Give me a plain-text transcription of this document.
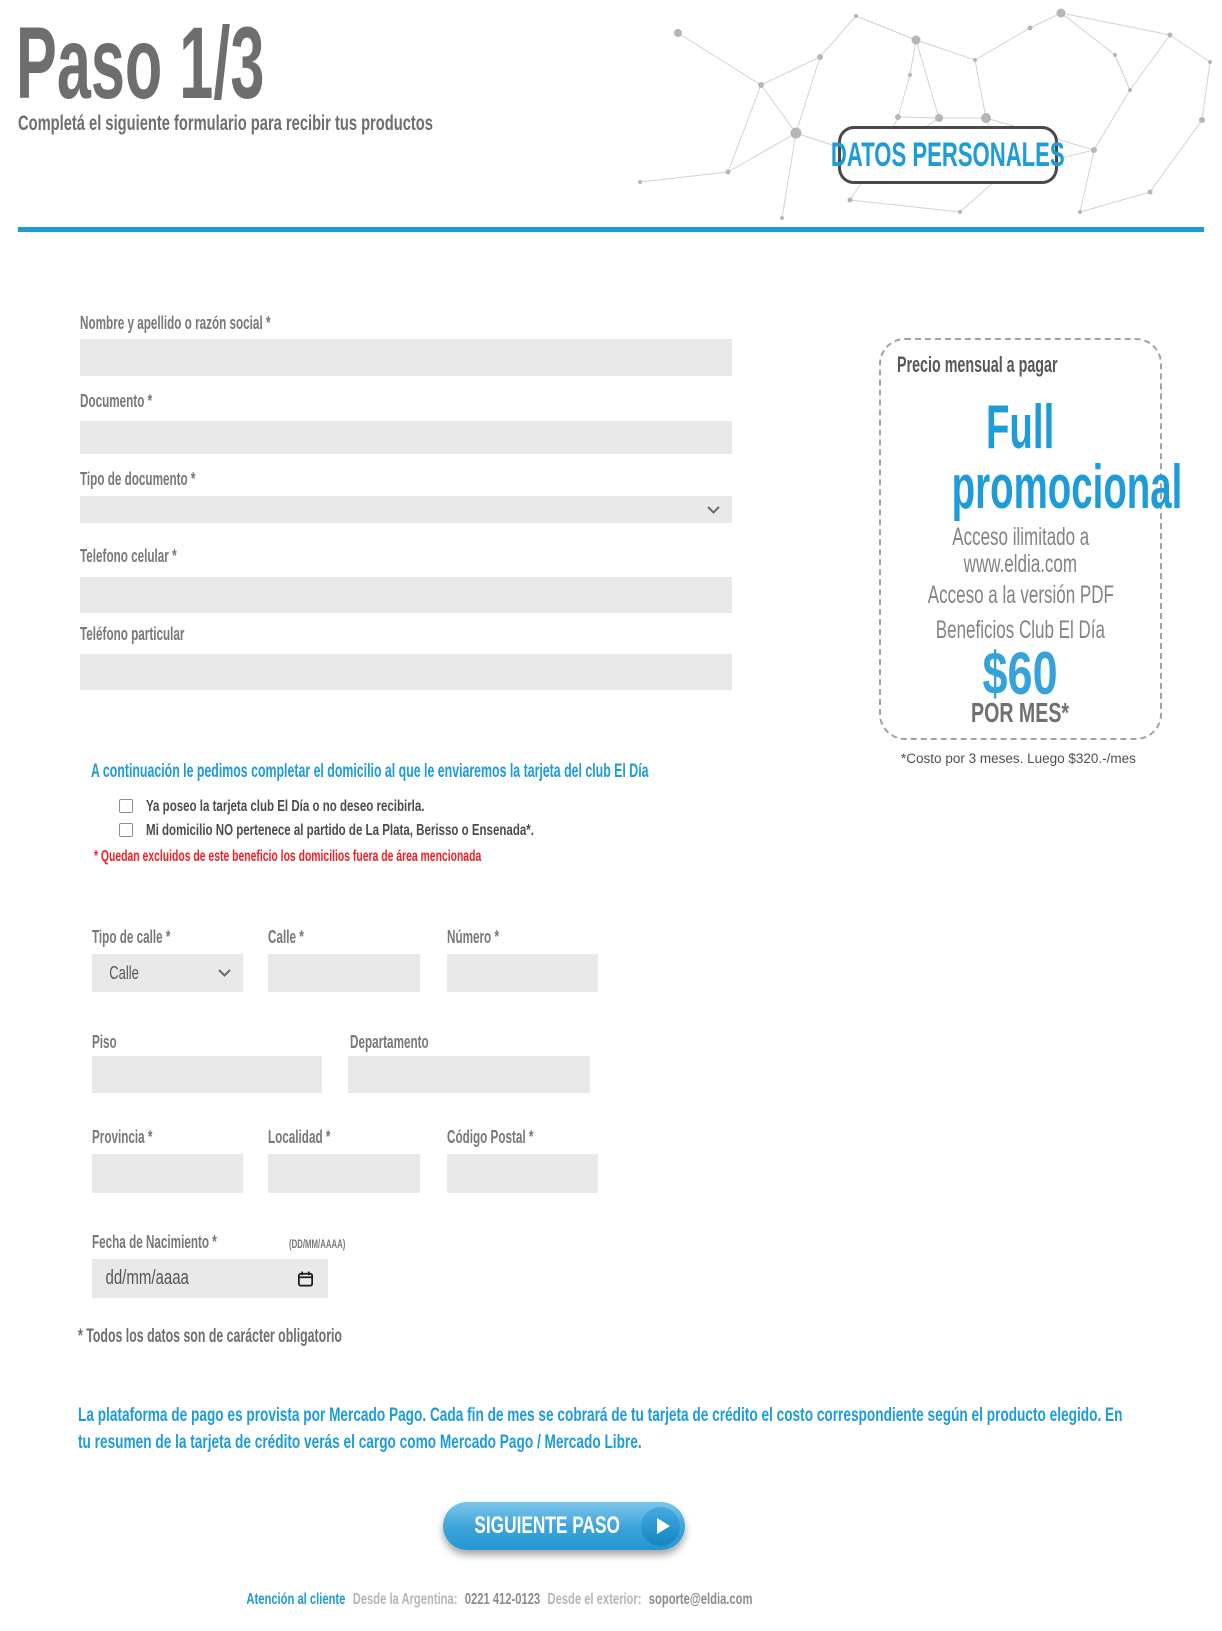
Paso 1/3
Completá el siguiente formulario para recibir tus productos
DATOS PERSONALES
Nombre y apellido o razón social *
Documento *
Tipo de documento *
Telefono celular *
Teléfono particular
Precio mensual a pagar
Full
promocional
Acceso ilimitado a
www.eldia.com
Acceso a la versión PDF
Beneficios Club El Día
$60
POR MES*
*Costo por 3 meses. Luego $320.-/mes
A continuación le pedimos completar el domicilio al que le enviaremos la tarjeta del club El Día
Ya poseo la tarjeta club El Día o no deseo recibirla.
Mi domicilio NO pertenece al partido de La Plata, Berisso o Ensenada*.
* Quedan excluidos de este beneficio los domicilios fuera de área mencionada
Tipo de calle *
Calle
Calle *	Número *
Piso	Departamento
Provincia *	Localidad *	Código Postal *
Fecha de Nacimiento *	(DD/MM/AAAA)
dd/mm/aaaa
* Todos los datos son de carácter obligatorio
La plataforma de pago es provista por Mercado Pago. Cada fin de mes se cobrará de tu tarjeta de crédito el costo correspondiente según el producto elegido. En tu resumen de la tarjeta de crédito verás el cargo como Mercado Pago / Mercado Libre.
SIGUIENTE PASO
Atención al cliente Desde la Argentina: 0221 412-0123 Desde el exterior: soporte@eldia.com
